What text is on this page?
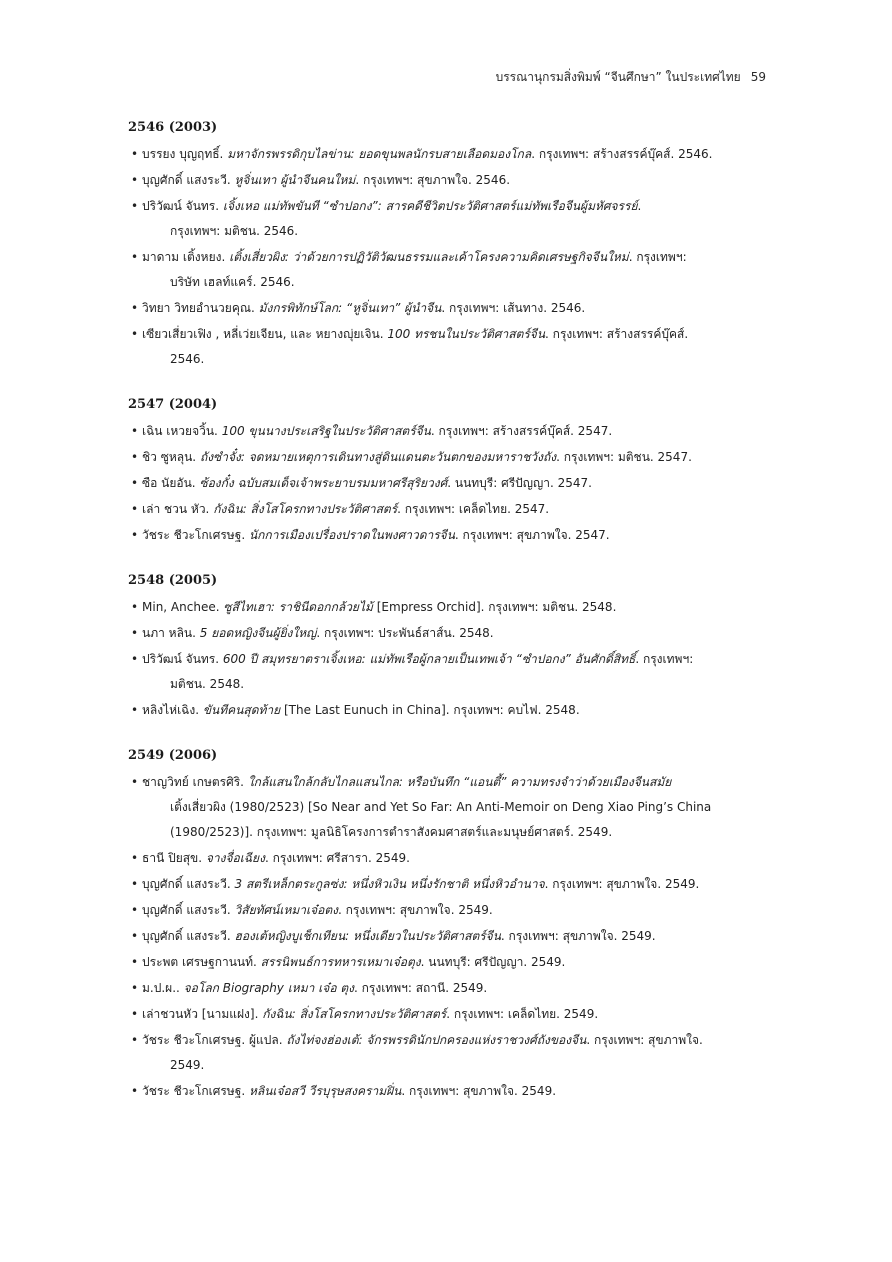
บรรณานุกรมสิ่งพิมพ์ “จีนศึกษา” ในประเทศไทย 59
2546 (2003)
• บรรยง บุญฤทธิ์. มหาจักรพรรดิกุบไลข่าน: ยอดขุนพลนักรบสายเลือดมองโกล. กรุงเทพฯ: สร้างสรรค์บุ๊คส์. 2546.
• บุญศักดิ์ แสงระวี. หูจิ่นเทา ผู้นำจีนคนใหม่. กรุงเทพฯ: สุขภาพใจ. 2546.
• ปริวัฒน์ จันทร. เจิ้งเหอ แม่ทัพขันที “ซำปอกง”: สารคดีชีวิตประวัติศาสตร์แม่ทัพเรือจีนผู้มหัศจรรย์.
กรุงเทพฯ: มติชน. 2546.
• มาดาม เติ้งหยง. เติ้งเสี่ยวผิง: ว่าด้วยการปฏิวัติวัฒนธรรมและเค้าโครงความคิดเศรษฐกิจจีนใหม่. กรุงเทพฯ:
บริษัท เฮลท์แคร์. 2546.
• วิทยา วิทยอำนวยคุณ. มังกรพิทักษ์โลก: “หูจิ่นเทา” ผู้นำจีน. กรุงเทพฯ: เส้นทาง. 2546.
• เซียวเสี่ยวเฟิง , หลี่เว่ยเจียน, และ หยางญุ่ยเจิน. 100 ทรชนในประวัติศาสตร์จีน. กรุงเทพฯ: สร้างสรรค์บุ๊คส์.
2546.
2547 (2004)
• เฉิน เหวยจวิ้น. 100 ขุนนางประเสริฐในประวัติศาสตร์จีน. กรุงเทพฯ: สร้างสรรค์บุ๊คส์. 2547.
• ชิว ซูหลุน. ถังซำจั๋ง: จดหมายเหตุการเดินทางสู่ดินแดนตะวันตกของมหาราชวังถัง. กรุงเทพฯ: มติชน. 2547.
• ซือ นัยอัน. ซ้องกั๋ง ฉบับสมเด็จเจ้าพระยาบรมมหาศรีสุริยวงศ์. นนทบุรี: ศรีปัญญา. 2547.
• เล่า ชวน หัว. กังฉิน: สิ่งโสโครกทางประวัติศาสตร์. กรุงเทพฯ: เคล็ดไทย. 2547.
• วัชระ ชีวะโกเศรษฐ. นักการเมืองเปรื่องปราดในพงศาวดารจีน. กรุงเทพฯ: สุขภาพใจ. 2547.
2548 (2005)
• Min, Anchee. ซูสีไทเฮา: ราชินีดอกกล้วยไม้ [Empress Orchid]. กรุงเทพฯ: มติชน. 2548.
• นภา หลิน. 5 ยอดหญิงจีนผู้ยิ่งใหญ่. กรุงเทพฯ: ประพันธ์สาส์น. 2548.
• ปริวัฒน์ จันทร. 600 ปี สมุทรยาตราเจิ้งเหอ: แม่ทัพเรือผู้กลายเป็นเทพเจ้า “ซำปอกง” อันศักดิ์สิทธิ์. กรุงเทพฯ:
มติชน. 2548.
• หลิงไห่เฉิง. ขันทีคนสุดท้าย [The Last Eunuch in China]. กรุงเทพฯ: คบไฟ. 2548.
2549 (2006)
• ชาญวิทย์ เกษตรศิริ. ใกล้แสนใกล้กลับไกลแสนไกล: หรือบันทึก “แอนตี้” ความทรงจำว่าด้วยเมืองจีนสมัย
เติ้งเสี่ยวผิง (1980/2523) [So Near and Yet So Far: An Anti-Memoir on Deng Xiao Ping’s China (1980/2523)]. กรุงเทพฯ: มูลนิธิโครงการตำราสังคมศาสตร์และมนุษย์ศาสตร์. 2549.
• ธานี ปิยสุข. จางจื่อเฉียง. กรุงเทพฯ: ศรีสารา. 2549.
• บุญศักดิ์ แสงระวี. 3 สตรีเหล็กตระกูลซ่ง: หนึ่งหิวเงิน หนึ่งรักชาติ หนึ่งหิวอำนาจ. กรุงเทพฯ: สุขภาพใจ. 2549.
• บุญศักดิ์ แสงระวี. วิสัยทัศน์เหมาเจ๋อตง. กรุงเทพฯ: สุขภาพใจ. 2549.
• บุญศักดิ์ แสงระวี. ฮองเต้หญิงบูเช็กเทียน: หนึ่งเดียวในประวัติศาสตร์จีน. กรุงเทพฯ: สุขภาพใจ. 2549.
• ประพต เศรษฐกานนท์. สรรนิพนธ์การทหารเหมาเจ๋อตุง. นนทบุรี: ศรีปัญญา. 2549.
• ม.ป.ผ.. จอโลก Biography เหมา เจ๋อ ตุง. กรุงเทพฯ: สถานี. 2549.
• เล่าชวนหัว [นามแฝง]. กังฉิน: สิ่งโสโครกทางประวัติศาสตร์. กรุงเทพฯ: เคล็ดไทย. 2549.
• วัชระ ชีวะโกเศรษฐ. ผู้แปล. ถังไท่จงฮ่องเต้: จักรพรรดินักปกครองแห่งราชวงศ์ถังของจีน. กรุงเทพฯ: สุขภาพใจ.
2549.
• วัชระ ชีวะโกเศรษฐ. หลินเจ๋อสวี วีรบุรุษสงครามฝิ่น. กรุงเทพฯ: สุขภาพใจ. 2549.
